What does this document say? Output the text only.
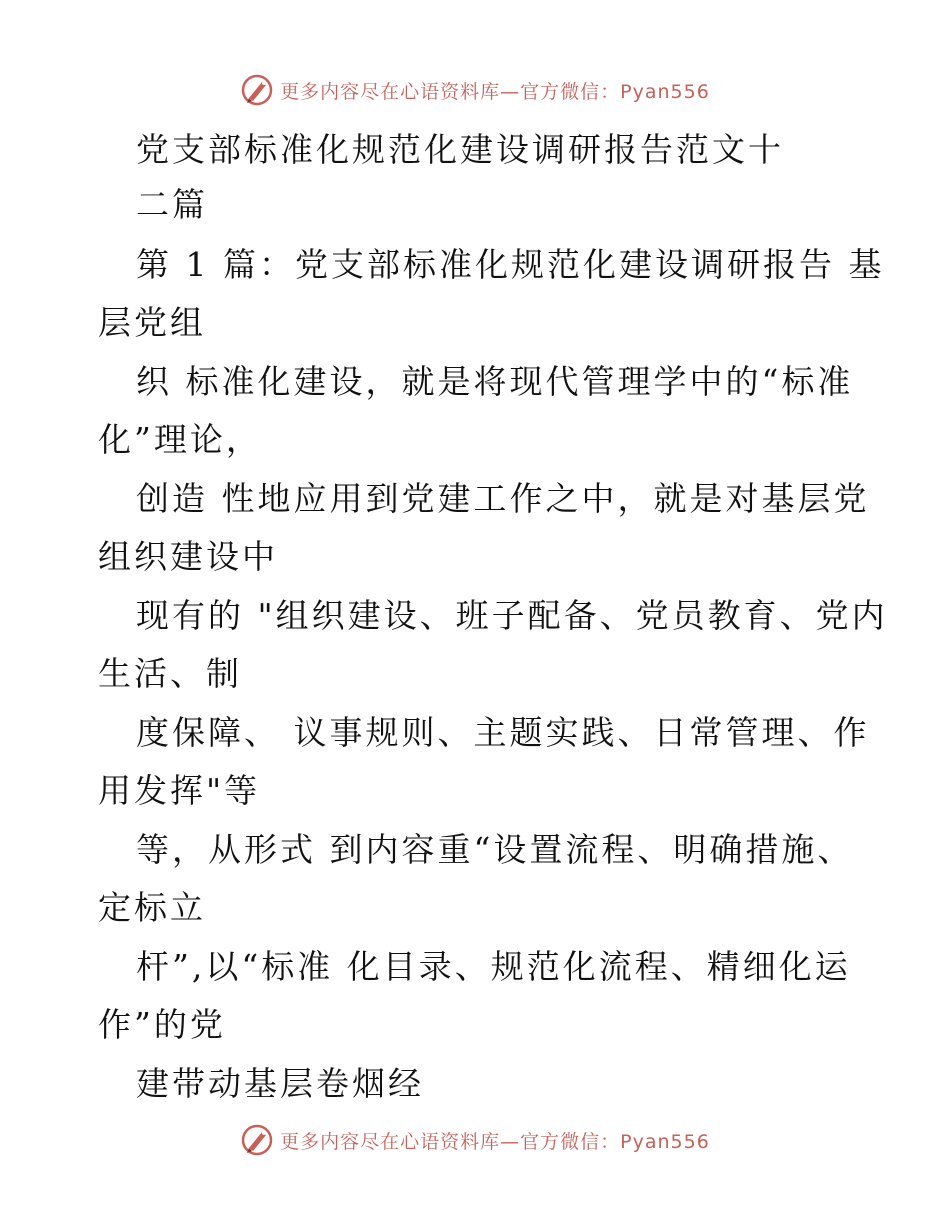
更多内容尽在心语资料库—官方微信：Pyan556
党支部标准化规范化建设调研报告范文十
二篇
第 1 篇：党支部标准化规范化建设调研报告 基
层党组
织 标准化建设，就是将现代管理学中的“标准
化”理论，
创造 性地应用到党建工作之中，就是对基层党
组织建设中
现有的 "组织建设、班子配备、党员教育、党内
生活、制
度保障、 议事规则、主题实践、日常管理、作
用发挥"等
等，从形式 到内容重“设置流程、明确措施、
定标立
杆”,以“标准 化目录、规范化流程、精细化运
作”的党
建带动基层卷烟经
更多内容尽在心语资料库—官方微信：Pyan556
